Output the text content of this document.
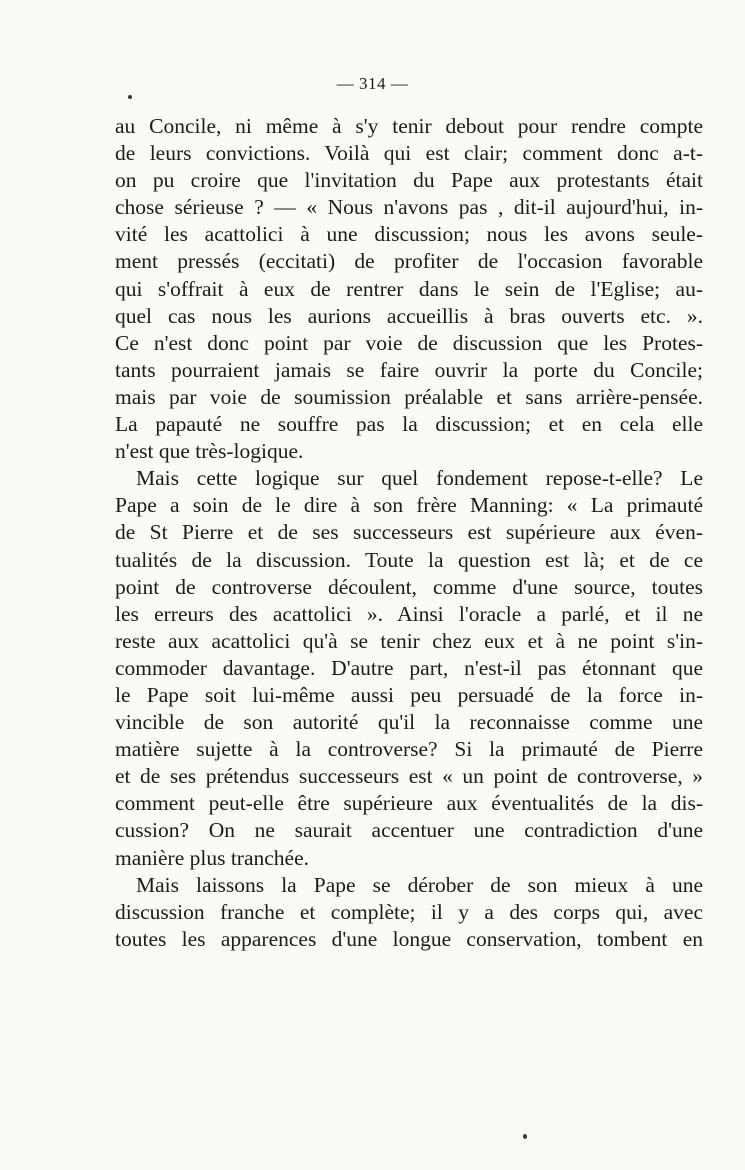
— 314 —
au Concile, ni même à s'y tenir debout pour rendre compte
de leurs convictions. Voilà qui est clair; comment donc a-t-
on pu croire que l'invitation du Pape aux protestants était
chose sérieuse ? — « Nous n'avons pas , dit-il aujourd'hui, in-
vité les acattolici à une discussion; nous les avons seule-
ment pressés (eccitati) de profiter de l'occasion favorable
qui s'offrait à eux de rentrer dans le sein de l'Eglise; au-
quel cas nous les aurions accueillis à bras ouverts etc. ».
Ce n'est donc point par voie de discussion que les Protes-
tants pourraient jamais se faire ouvrir la porte du Concile;
mais par voie de soumission préalable et sans arrière-pensée.
La papauté ne souffre pas la discussion; et en cela elle
n'est que très-logique.
Mais cette logique sur quel fondement repose-t-elle? Le
Pape a soin de le dire à son frère Manning: « La primauté
de St Pierre et de ses successeurs est supérieure aux éven-
tualités de la discussion. Toute la question est là; et de ce
point de controverse découlent, comme d'une source, toutes
les erreurs des acattolici ». Ainsi l'oracle a parlé, et il ne
reste aux acattolici qu'à se tenir chez eux et à ne point s'in-
commoder davantage. D'autre part, n'est-il pas étonnant que
le Pape soit lui-même aussi peu persuadé de la force in-
vincible de son autorité qu'il la reconnaisse comme une
matière sujette à la controverse? Si la primauté de Pierre
et de ses prétendus successeurs est « un point de controverse, »
comment peut-elle être supérieure aux éventualités de la dis-
cussion? On ne saurait accentuer une contradiction d'une
manière plus tranchée.
Mais laissons la Pape se dérober de son mieux à une
discussion franche et complète; il y a des corps qui, avec
toutes les apparences d'une longue conservation, tombent en
